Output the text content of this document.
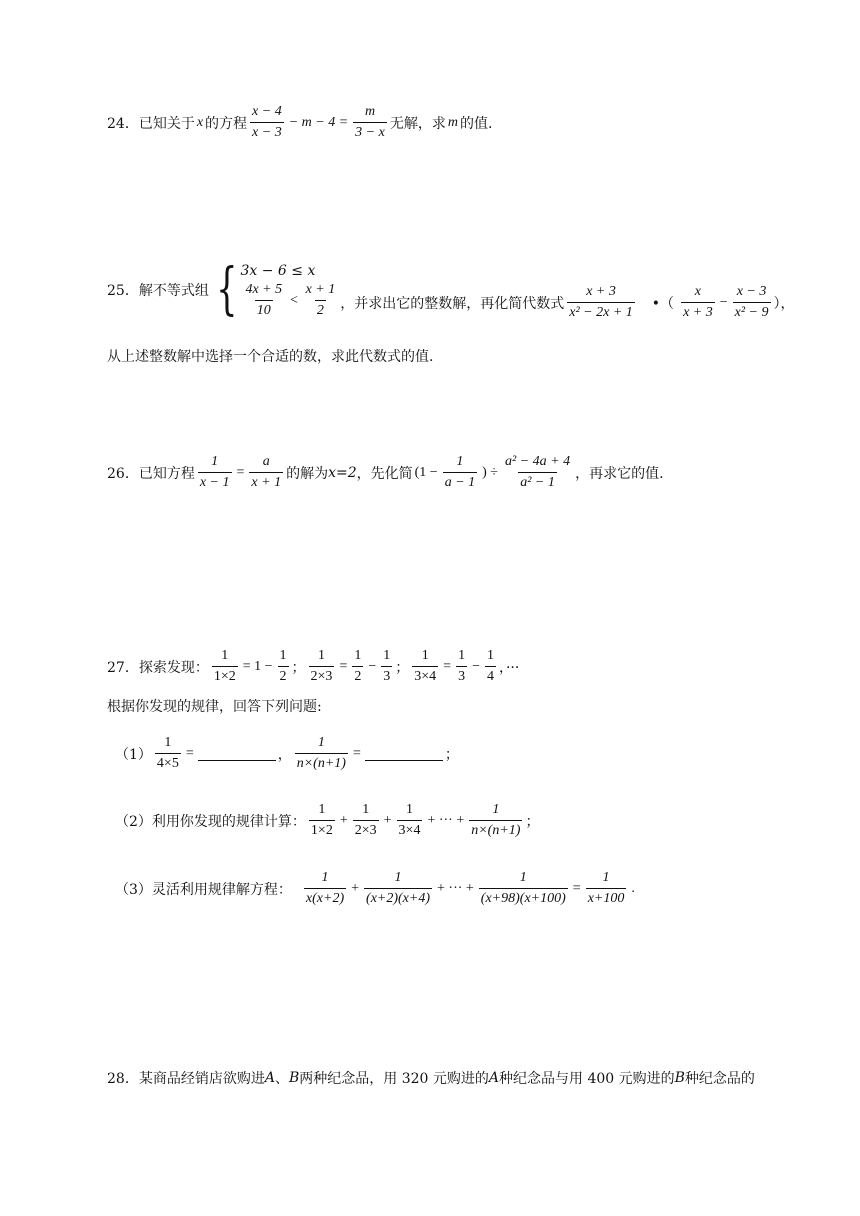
24． 已知关于 x 的方程 $\frac{x - 4}{x - 3} - m - 4 = \frac{m}{3 - x}$ 无解，求 m 的值.
25． 解不等式组 { 3x − 6 ≤ x
$\frac{4x + 5}{10} < \frac{x + 1}{2}$ ，并求出它的整数解，再化简代数式 $\frac{x + 3}{\text{x² − 2x + 1}}$ •（ $\frac{x}{x + 3} - \frac{x - 3}{\text{x² − 9}}$ ），
从上述整数解中选择一个合适的数，求此代数式的值.
26． 已知方程 $\frac{1}{x - 1} = \frac{a}{x + 1}$ 的解为 x=2 ，先化简 ($1 - \frac{1}{a - 1}$ ) ÷ $\frac{\text{a² − 4a + 4}}{\text{a² − 1}}$ ，再求它的值.
27． 探索发现： $\frac{1}{1\times 2} = 1 - \frac{1}{2}$ ； $\frac{1}{2\times 3} = \frac{1}{2} - \frac{1}{3}$ ； $\frac{1}{3\times 4} = \frac{1}{3} - \frac{1}{4}$ ，···
根据你发现的规律，回答下列问题:
$(1) \frac{1}{4\times 5}$ =	， $\frac{1}{n\times(n+1)}$ =	；
（2）利用你发现的规律计算： $\frac{1}{1\times 2} + \frac{1}{2\times 3} + \frac{1}{3\times 4}$ + ··· + $\frac{1}{n\times(n+1)}$ ；
（3）灵活利用规律解方程： $\frac{1}{x(x+2)} + \frac{1}{(x+2)(x+4)}$ + ··· + $\frac{1}{(x+98)(x+100)} = \frac{1}{x+100}$ .
28． 某商品经销店欲购进 A 、 B 两种纪念品，用 320 元购进的 A 种纪念品与用 400 元购进的 B 种纪念品的
